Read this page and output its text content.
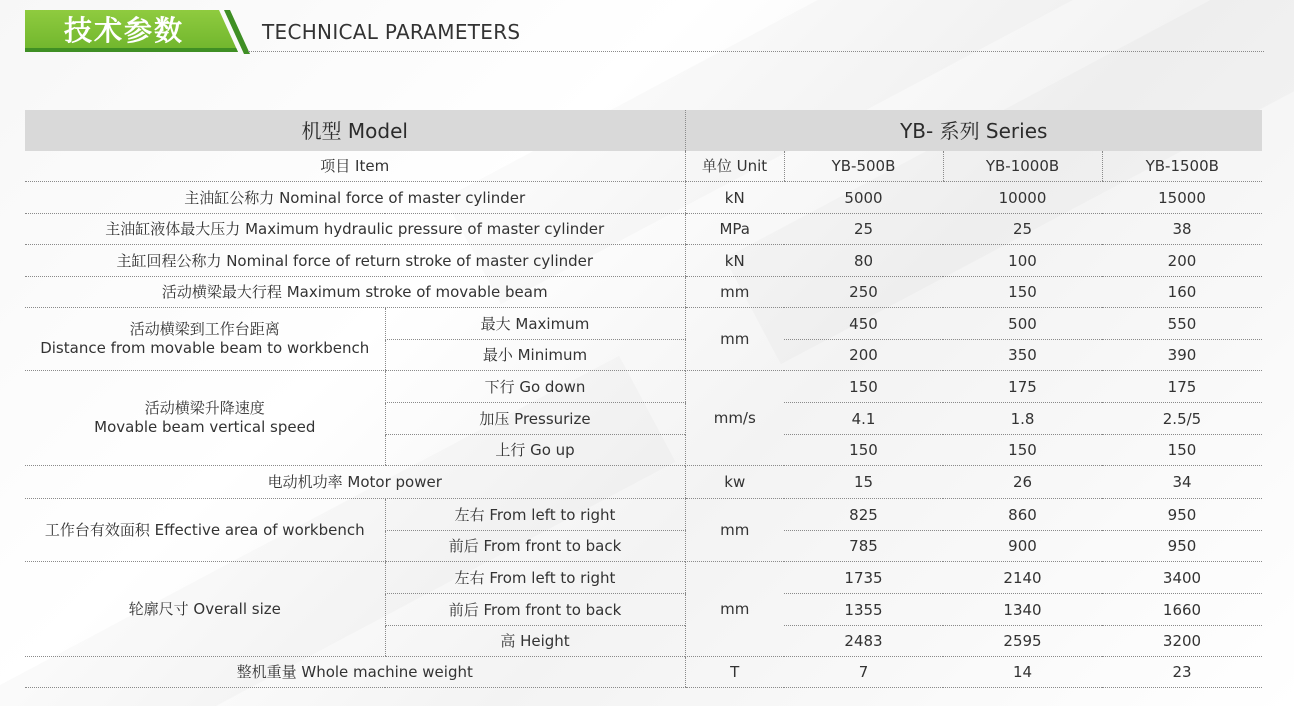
技术参数	TECHNICAL PARAMETERS
机型 Model		YB- 系列 Series			
项目 Item		单位 Unit	YB-500B	YB-1000B	YB-1500B
主油缸公称力 Nominal force of master cylinder		kN	5000	10000	15000
主油缸液体最大压力 Maximum hydraulic pressure of master cylinder		MPa	25	25	38
主缸回程公称力 Nominal force of return stroke of master cylinder		kN	80	100	200
活动横梁最大行程 Maximum stroke of movable beam		mm	250	150	160
活动横梁到工作台距离
Distance from movable beam to workbench	最大 Maximum	mm	450	500	550
	最小 Minimum		200	350	390
活动横梁升降速度
Movable beam vertical speed	下行 Go down	mm/s	150	175	175
	加压 Pressurize		4.1	1.8	2.5/5
	上行 Go up		150	150	150
电动机功率 Motor power		kw	15	26	34
工作台有效面积 Effective area of workbench	左右 From left to right	mm	825	860	950
	前后 From front to back		785	900	950
轮廓尺寸 Overall size	左右 From left to right	mm	1735	2140	3400
	前后 From front to back		1355	1340	1660
	高 Height		2483	2595	3200
整机重量 Whole machine weight		T	7	14	23
